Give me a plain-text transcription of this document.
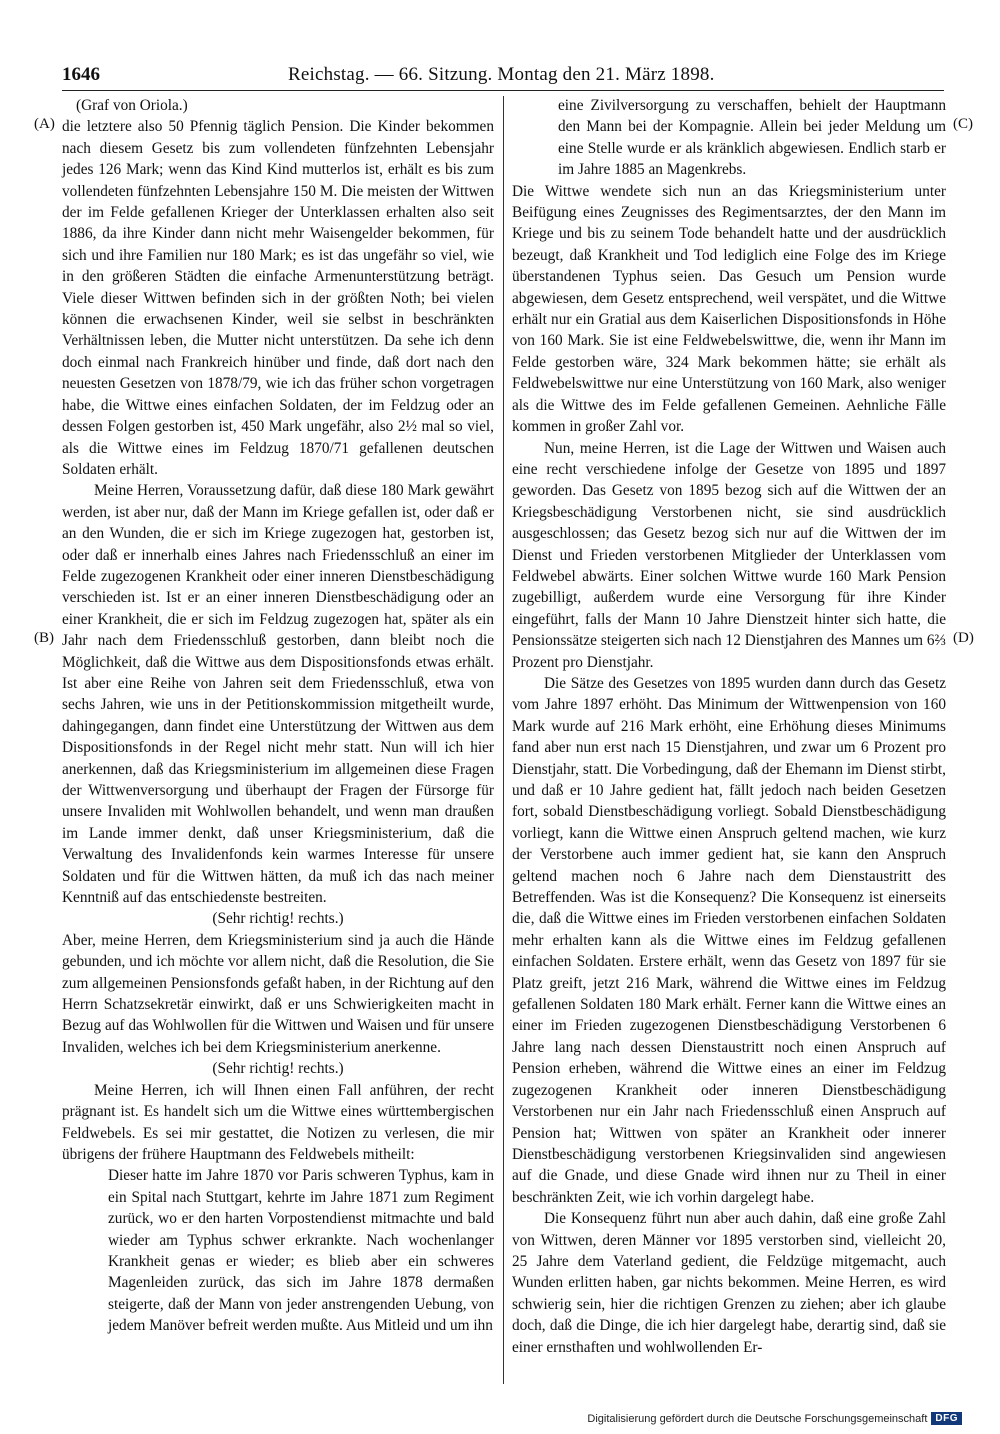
1646	Reichstag. — 66. Sitzung. Montag den 21. März 1898.
(A)
(B)
(C)
(D)

(Graf von Oriola.)

die letztere also 50 Pfennig täglich Pension. Die Kinder bekommen nach diesem Gesetz bis zum vollendeten fünfzehnten Lebensjahr jedes 126 Mark; wenn das Kind Kind mutterlos ist, erhält es bis zum vollendeten fünfzehnten Lebensjahre 150 M. Die meisten der Wittwen der im Felde gefallenen Krieger der Unterklassen erhalten also seit 1886, da ihre Kinder dann nicht mehr Waisengelder bekommen, für sich und ihre Familien nur 180 Mark; es ist das ungefähr so viel, wie in den größeren Städten die einfache Armenunterstützung beträgt. Viele dieser Wittwen befinden sich in der größten Noth; bei vielen können die erwachsenen Kinder, weil sie selbst in beschränkten Verhältnissen leben, die Mutter nicht unterstützen. Da sehe ich denn doch einmal nach Frankreich hinüber und finde, daß dort nach den neuesten Gesetzen von 1878/79, wie ich das früher schon vorgetragen habe, die Wittwe eines einfachen Soldaten, der im Feldzug oder an dessen Folgen gestorben ist, 450 Mark ungefähr, also 2½ mal so viel, als die Wittwe eines im Feldzug 1870/71 gefallenen deutschen Soldaten erhält.

Meine Herren, Voraussetzung dafür, daß diese 180 Mark gewährt werden, ist aber nur, daß der Mann im Kriege gefallen ist, oder daß er an den Wunden, die er sich im Kriege zugezogen hat, gestorben ist, oder daß er innerhalb eines Jahres nach Friedensschluß an einer im Felde zugezogenen Krankheit oder einer inneren Dienstbeschädigung verschieden ist. Ist er an einer inneren Dienstbeschädigung oder an einer Krankheit, die er sich im Feldzug zugezogen hat, später als ein Jahr nach dem Friedensschluß gestorben, dann bleibt noch die Möglichkeit, daß die Wittwe aus dem Dispositionsfonds etwas erhält. Ist aber eine Reihe von Jahren seit dem Friedensschluß, etwa von sechs Jahren, wie uns in der Petitionskommission mitgetheilt wurde, dahingegangen, dann findet eine Unterstützung der Wittwen aus dem Dispositionsfonds in der Regel nicht mehr statt. Nun will ich hier anerkennen, daß das Kriegsministerium im allgemeinen diese Fragen der Wittwenversorgung und überhaupt der Fragen der Fürsorge für unsere Invaliden mit Wohlwollen behandelt, und wenn man draußen im Lande immer denkt, daß unser Kriegsministerium, daß die Verwaltung des Invalidenfonds kein warmes Interesse für unsere Soldaten und für die Wittwen hätten, da muß ich das nach meiner Kenntniß auf das entschiedenste bestreiten.

(Sehr richtig! rechts.)

Aber, meine Herren, dem Kriegsministerium sind ja auch die Hände gebunden, und ich möchte vor allem nicht, daß die Resolution, die Sie zum allgemeinen Pensionsfonds gefaßt haben, in der Richtung auf den Herrn Schatzsekretär einwirkt, daß er uns Schwierigkeiten macht in Bezug auf das Wohlwollen für die Wittwen und Waisen und für unsere Invaliden, welches ich bei dem Kriegsministerium anerkenne.

(Sehr richtig! rechts.)

Meine Herren, ich will Ihnen einen Fall anführen, der recht prägnant ist. Es handelt sich um die Wittwe eines württembergischen Feldwebels. Es sei mir gestattet, die Notizen zu verlesen, die mir übrigens der frühere Hauptmann des Feldwebels mitheilt:

Dieser hatte im Jahre 1870 vor Paris schweren Typhus, kam in ein Spital nach Stuttgart, kehrte im Jahre 1871 zum Regiment zurück, wo er den harten Vorpostendienst mitmachte und bald wieder am Typhus schwer erkrankte. Nach wochenlanger Krankheit genas er wieder; es blieb aber ein schweres Magenleiden zurück, das sich im Jahre 1878 dermaßen steigerte, daß der Mann von jeder anstrengenden Uebung, von jedem Manöver befreit werden mußte. Aus Mitleid und um ihn

eine Zivilversorgung zu verschaffen, behielt der Hauptmann den Mann bei der Kompagnie. Allein bei jeder Meldung um eine Stelle wurde er als kränklich abgewiesen. Endlich starb er im Jahre 1885 an Magenkrebs.

Die Wittwe wendete sich nun an das Kriegsministerium unter Beifügung eines Zeugnisses des Regimentsarztes, der den Mann im Kriege und bis zu seinem Tode behandelt hatte und der ausdrücklich bezeugt, daß Krankheit und Tod lediglich eine Folge des im Kriege überstandenen Typhus seien. Das Gesuch um Pension wurde abgewiesen, dem Gesetz entsprechend, weil verspätet, und die Wittwe erhält nur ein Gratial aus dem Kaiserlichen Dispositionsfonds in Höhe von 160 Mark. Sie ist eine Feldwebelswittwe, die, wenn ihr Mann im Felde gestorben wäre, 324 Mark bekommen hätte; sie erhält als Feldwebelswittwe nur eine Unterstützung von 160 Mark, also weniger als die Wittwe des im Felde gefallenen Gemeinen. Aehnliche Fälle kommen in großer Zahl vor.

Nun, meine Herren, ist die Lage der Wittwen und Waisen auch eine recht verschiedene infolge der Gesetze von 1895 und 1897 geworden. Das Gesetz von 1895 bezog sich auf die Wittwen der an Kriegsbeschädigung Verstorbenen nicht, sie sind ausdrücklich ausgeschlossen; das Gesetz bezog sich nur auf die Wittwen der im Dienst und Frieden verstorbenen Mitglieder der Unterklassen vom Feldwebel abwärts. Einer solchen Wittwe wurde 160 Mark Pension zugebilligt, außerdem wurde eine Versorgung für ihre Kinder eingeführt, falls der Mann 10 Jahre Dienstzeit hinter sich hatte, die Pensionssätze steigerten sich nach 12 Dienstjahren des Mannes um 6⅔ Prozent pro Dienstjahr.

Die Sätze des Gesetzes von 1895 wurden dann durch das Gesetz vom Jahre 1897 erhöht. Das Minimum der Wittwenpension von 160 Mark wurde auf 216 Mark erhöht, eine Erhöhung dieses Minimums fand aber nun erst nach 15 Dienstjahren, und zwar um 6 Prozent pro Dienstjahr, statt. Die Vorbedingung, daß der Ehemann im Dienst stirbt, und daß er 10 Jahre gedient hat, fällt jedoch nach beiden Gesetzen fort, sobald Dienstbeschädigung vorliegt. Sobald Dienstbeschädigung vorliegt, kann die Wittwe einen Anspruch geltend machen, wie kurz der Verstorbene auch immer gedient hat, sie kann den Anspruch geltend machen noch 6 Jahre nach dem Dienstaustritt des Betreffenden. Was ist die Konsequenz? Die Konsequenz ist einerseits die, daß die Wittwe eines im Frieden verstorbenen einfachen Soldaten mehr erhalten kann als die Wittwe eines im Feldzug gefallenen einfachen Soldaten. Erstere erhält, wenn das Gesetz von 1897 für sie Platz greift, jetzt 216 Mark, während die Wittwe eines im Feldzug gefallenen Soldaten 180 Mark erhält. Ferner kann die Wittwe eines an einer im Frieden zugezogenen Dienstbeschädigung Verstorbenen 6 Jahre lang nach dessen Dienstaustritt noch einen Anspruch auf Pension erheben, während die Wittwe eines an einer im Feldzug zugezogenen Krankheit oder inneren Dienstbeschädigung Verstorbenen nur ein Jahr nach Friedensschluß einen Anspruch auf Pension hat; Wittwen von später an Krankheit oder innerer Dienstbeschädigung verstorbenen Kriegsinvaliden sind angewiesen auf die Gnade, und diese Gnade wird ihnen nur zu Theil in einer beschränkten Zeit, wie ich vorhin dargelegt habe.

Die Konsequenz führt nun aber auch dahin, daß eine große Zahl von Wittwen, deren Männer vor 1895 verstorben sind, vielleicht 20, 25 Jahre dem Vaterland gedient, die Feldzüge mitgemacht, auch Wunden erlitten haben, gar nichts bekommen. Meine Herren, es wird schwierig sein, hier die richtigen Grenzen zu ziehen; aber ich glaube doch, daß die Dinge, die ich hier dargelegt habe, derartig sind, daß sie einer ernsthaften und wohlwollenden Er-

Digitalisierung gefördert durch die Deutsche Forschungsgemeinschaft DFG
